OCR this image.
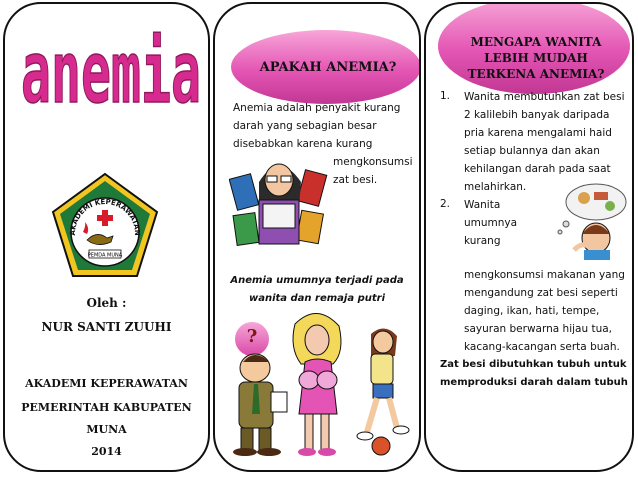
anemia
AKADEMI KEPERAWATAN
PEMDA MUNA
Oleh :
NUR SANTI ZUUHI
AKADEMI KEPERAWATAN
PEMERINTAH KABUPATEN
MUNA
2014
APAKAH ANEMIA?
Anemia adalah penyakit kurang
darah yang sebagian besar
disebabkan karena kurang
mengkonsumsi
zat besi.
Anemia umumnya terjadi pada
wanita dan remaja putri
?
MENGAPA WANITA
LEBIH MUDAH
TERKENA ANEMIA?
1. Wanita membutuhkan zat besi
2 kalilebih banyak daripada
pria karena mengalami haid
setiap bulannya dan akan
kehilangan darah pada saat
melahirkan.
2. Wanita
umumnya
kurang
mengkonsumsi makanan yang
mengandung zat besi seperti
daging, ikan, hati, tempe,
sayuran berwarna hijau tua,
kacang-kacangan serta buah.
Zat besi dibutuhkan tubuh untuk
memproduksi darah dalam tubuh
